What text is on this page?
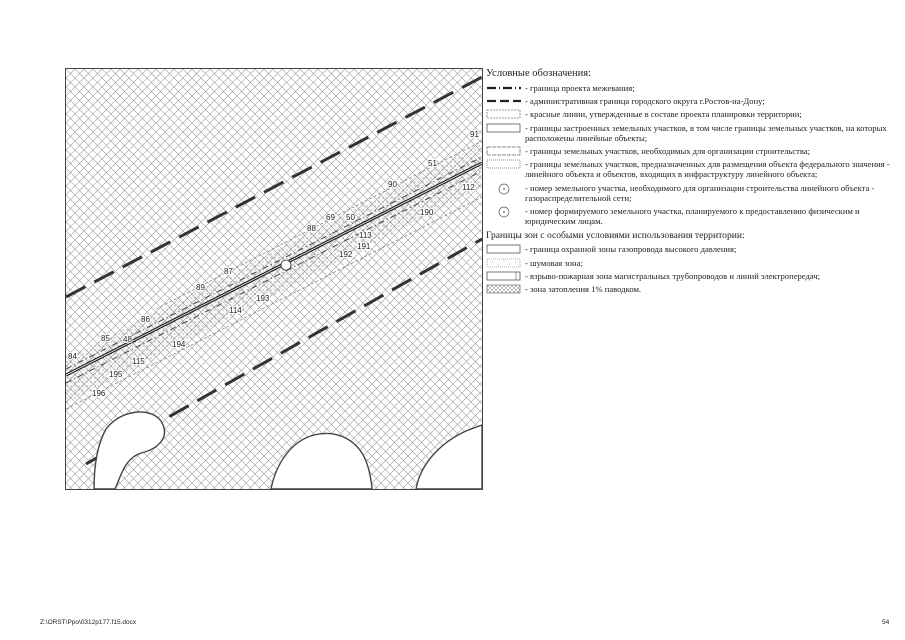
91
51
112
90
190
69 50
88
113
191
192
87
89
193
114
86
194
85 48
115
84
195
196
Условные обозначения:
- граница проекта межевания;
- административная граница городского округа г.Ростов-на-Дону;
- красные линии, утвержденные в составе проекта планировки территории;
- границы застроенных земельных участков, в том числе границы земельных участков, на которых расположены линейные объекты;
- границы земельных участков, необходимых для организации строительства;
- границы земельных участков, предназначенных для размещения объекта федерального значения - линейного объекта и объектов, входящих в инфраструктуру линейного объекта;
- номер земельного участка, необходимого для организации строительства линейного объекта - газораспределительной сети;
- номер формируемого земельного участка, планируемого к предоставлению физическим и юридическим лицам.
Границы зон с особыми условиями использования территории:
- граница охранной зоны газопровода высокого давления;
- шумовая зона;
- взрыво-пожарная зона магистральных трубопроводов и линий электропередач;
- зона затопления 1% паводком.
Z:\ORST\Ppo\0312p177.f15.docx	54
